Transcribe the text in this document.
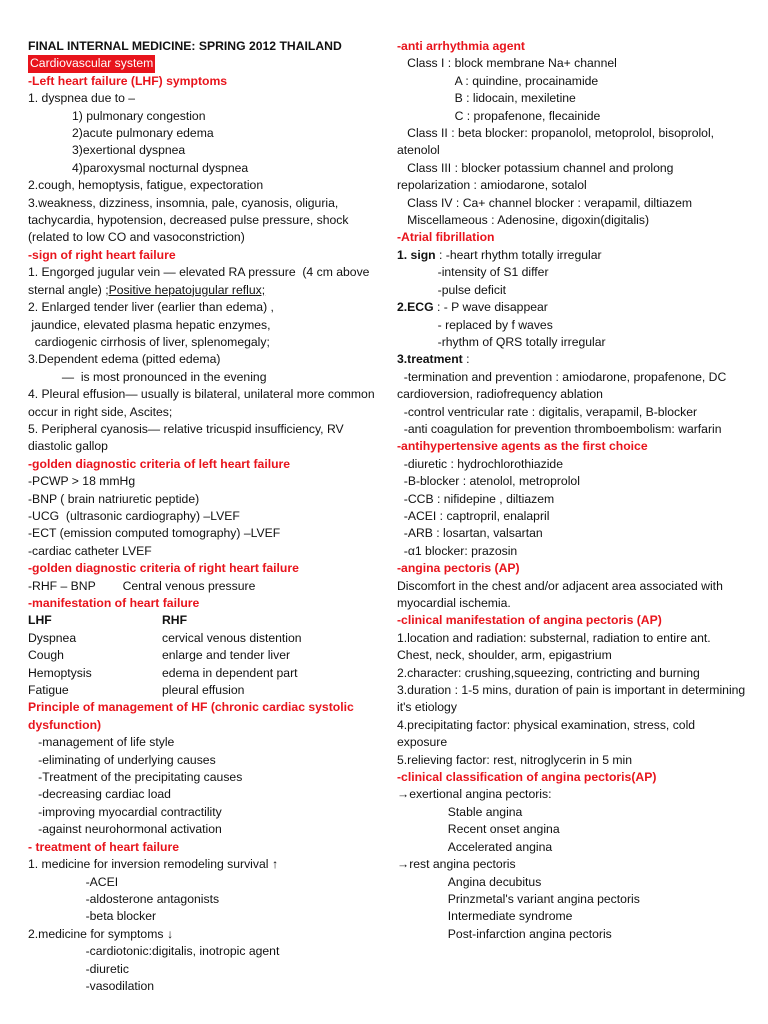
FINAL INTERNAL MEDICINE: SPRING 2012 THAILAND
Cardiovascular system
-Left heart failure (LHF) symptoms
1. dyspnea due to –
1) pulmonary congestion
2)acute pulmonary edema
3)exertional dyspnea
4)paroxysmal nocturnal dyspnea
2.cough, hemoptysis, fatigue, expectoration
3.weakness, dizziness, insomnia, pale, cyanosis, oliguria, tachycardia, hypotension, decreased pulse pressure, shock (related to low CO and vasoconstriction)
-sign of right heart failure
1. Engorged jugular vein — elevated RA pressure  (4 cm above sternal angle) ;Positive hepatojugular reflux;
2. Enlarged tender liver (earlier than edema) ,
jaundice, elevated plasma hepatic enzymes,
cardiogenic cirrhosis of liver, splenomegaly;
3.Dependent edema (pitted edema)
—  is most pronounced in the evening
4. Pleural effusion— usually is bilateral, unilateral more common occur in right side, Ascites;
5. Peripheral cyanosis— relative tricuspid insufficiency, RV diastolic gallop
-golden diagnostic criteria of left heart failure
-PCWP > 18 mmHg
-BNP ( brain natriuretic peptide)
-UCG  (ultrasonic cardiography) –LVEF
-ECT (emission computed tomography) –LVEF
-cardiac catheter LVEF
-golden diagnostic criteria of right heart failure
-RHF – BNP        Central venous pressure
-manifestation of heart failure
LHF	RHF
Dyspnea	cervical venous distention
Cough	enlarge and tender liver
Hemoptysis	edema in dependent part
Fatigue	pleural effusion
Principle of management of HF (chronic cardiac systolic dysfunction)
-management of life style
-eliminating of underlying causes
-Treatment of the precipitating causes
-decreasing cardiac load
-improving myocardial contractility
-against neurohormonal activation
- treatment of heart failure
1. medicine for inversion remodeling survival ↑
-ACEI
-aldosterone antagonists
-beta blocker
2.medicine for symptoms ↓
-cardiotonic:digitalis, inotropic agent
-diuretic
-vasodilation
-anti arrhythmia agent
Class I : block membrane Na+ channel
A : quindine, procainamide
B : lidocain, mexiletine
C : propafenone, flecainide
Class II : beta blocker: propanolol, metoprolol, bisoprolol, atenolol
Class III : blocker potassium channel and prolong repolarization : amiodarone, sotalol
Class IV : Ca+ channel blocker : verapamil, diltiazem
Miscellameous : Adenosine, digoxin(digitalis)
-Atrial fibrillation
1. sign : -heart rhythm totally irregular
-intensity of S1 differ
-pulse deficit
2.ECG : - P wave disappear
- replaced by f waves
-rhythm of QRS totally irregular
3.treatment :
-termination and prevention : amiodarone, propafenone, DC cardioversion, radiofrequency ablation
-control ventricular rate : digitalis, verapamil, B-blocker
-anti coagulation for prevention thromboembolism: warfarin
-antihypertensive agents as the first choice
-diuretic : hydrochlorothiazide
-B-blocker : atenolol, metroprolol
-CCB : nifidepine , diltiazem
-ACEI : captropril, enalapril
-ARB : losartan, valsartan
-α1 blocker: prazosin
-angina pectoris (AP)
Discomfort in the chest and/or adjacent area associated with myocardial ischemia.
-clinical manifestation of angina pectoris (AP)
1.location and radiation: substernal, radiation to entire ant. Chest, neck, shoulder, arm, epigastrium
2.character: crushing,squeezing, contricting and burning
3.duration : 1-5 mins, duration of pain is important in determining it's etiology
4.precipitating factor: physical examination, stress, cold exposure
5.relieving factor: rest, nitroglycerin in 5 min
-clinical classification of angina pectoris(AP)
→exertional angina pectoris:
Stable angina
Recent onset angina
Accelerated angina
→rest angina pectoris
Angina decubitus
Prinzmetal's variant angina pectoris
Intermediate syndrome
Post-infarction angina pectoris
